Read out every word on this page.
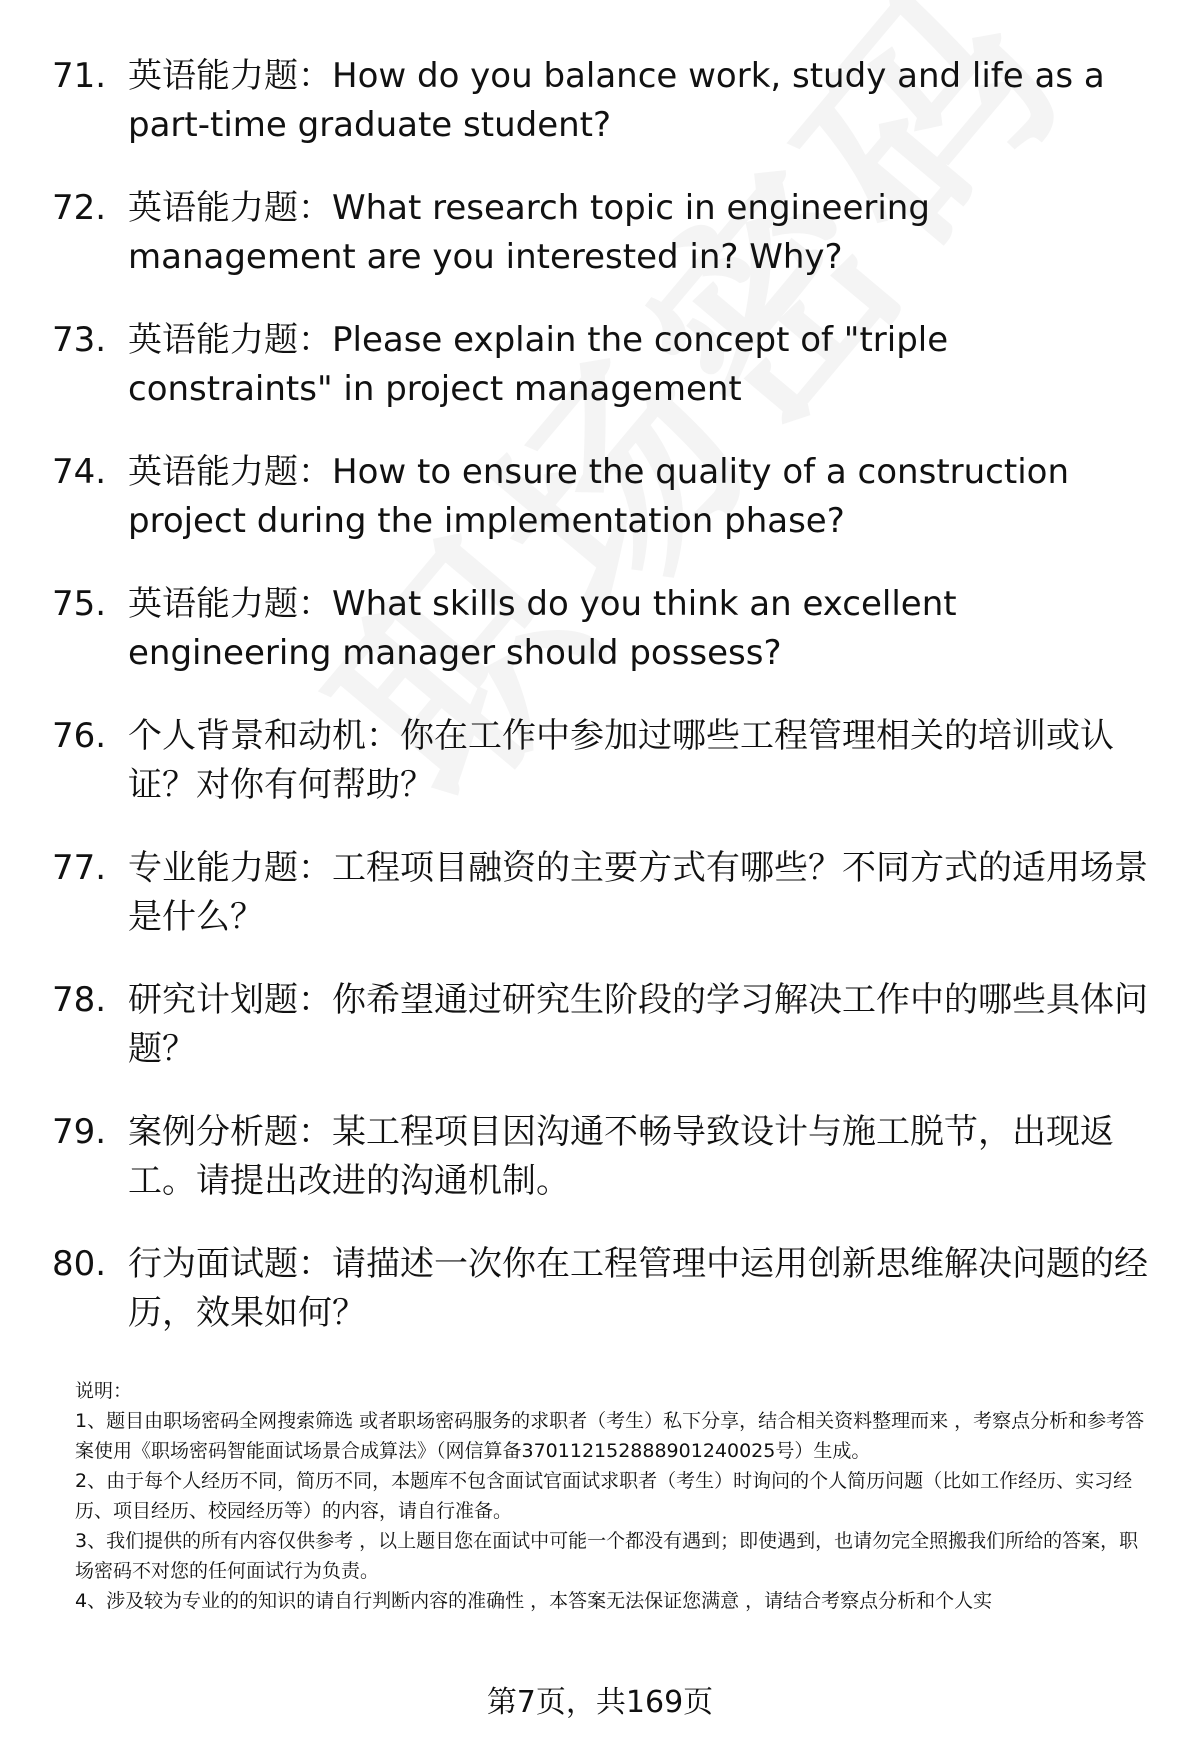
71. 英语能力题：How do you balance work, study and life as a part-time graduate student?
72. 英语能力题：What research topic in engineering management are you interested in? Why?
73. 英语能力题：Please explain the concept of "triple constraints" in project management
74. 英语能力题：How to ensure the quality of a construction project during the implementation phase?
75. 英语能力题：What skills do you think an excellent engineering manager should possess?
76. 个人背景和动机：你在工作中参加过哪些工程管理相关的培训或认证？对你有何帮助？
77. 专业能力题：工程项目融资的主要方式有哪些？不同方式的适用场景是什么？
78. 研究计划题：你希望通过研究生阶段的学习解决工作中的哪些具体问题？
79. 案例分析题：某工程项目因沟通不畅导致设计与施工脱节，出现返工。请提出改进的沟通机制。
80. 行为面试题：请描述一次你在工程管理中运用创新思维解决问题的经历，效果如何？

说明：

1、题目由职场密码全网搜索筛选 或者职场密码服务的求职者（考生）私下分享，结合相关资料整理而来 ，考察点分析和参考答案使用《职场密码智能面试场景合成算法》（网信算备370112152888901240025号）生成。

2、由于每个人经历不同，简历不同，本题库不包含面试官面试求职者（考生）时询问的个人简历问题（比如工作经历、实习经历、项目经历、校园经历等）的内容，请自行准备。

3、我们提供的所有内容仅供参考 ，以上题目您在面试中可能一个都没有遇到；即使遇到，也请勿完全照搬我们所给的答案，职场密码不对您的任何面试行为负责。

4、涉及较为专业的的知识的请自行判断内容的准确性 ，本答案无法保证您满意 ，请结合考察点分析和个人实

第7页，共169页
